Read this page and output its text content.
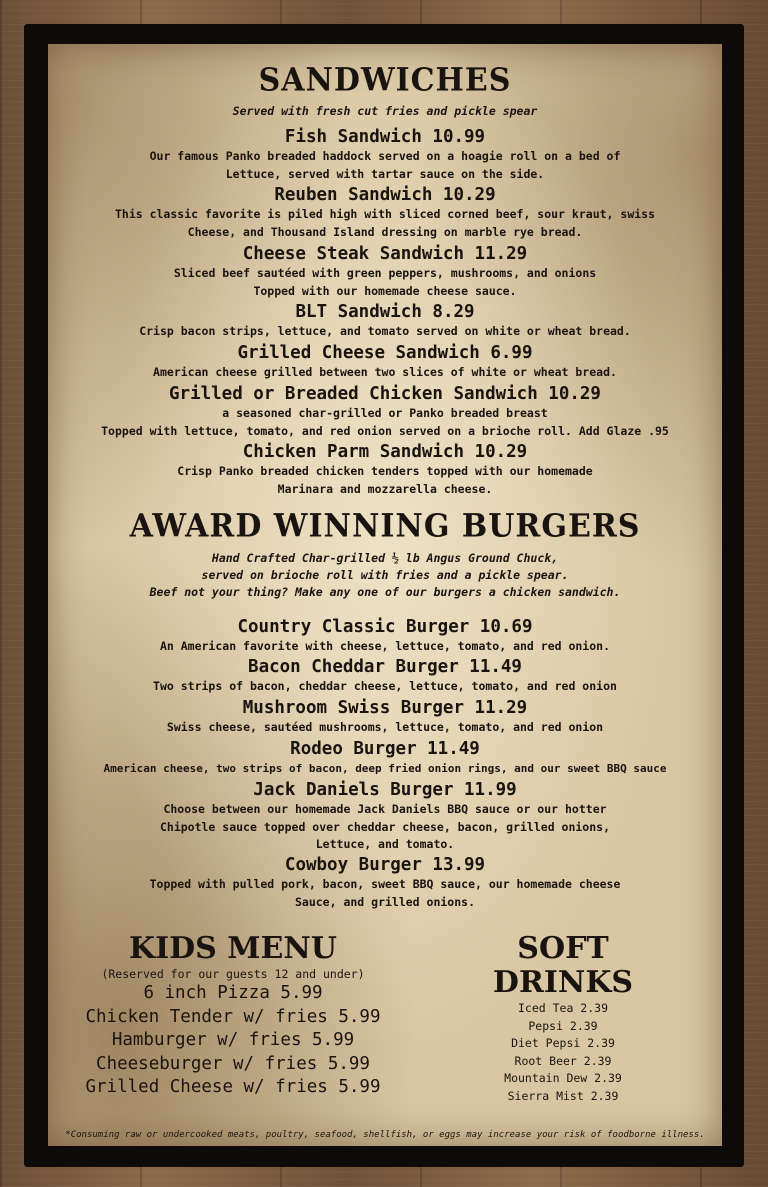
SANDWICHES

Served with fresh cut fries and pickle spear

Fish Sandwich 10.99

Our famous Panko breaded haddock served on a hoagie roll on a bed of

Lettuce, served with tartar sauce on the side.

Reuben Sandwich 10.29

This classic favorite is piled high with sliced corned beef, sour kraut, swiss

Cheese, and Thousand Island dressing on marble rye bread.

Cheese Steak Sandwich 11.29

Sliced beef sautéed with green peppers, mushrooms, and onions

Topped with our homemade cheese sauce.

BLT Sandwich 8.29

Crisp bacon strips, lettuce, and tomato served on white or wheat bread.

Grilled Cheese Sandwich 6.99

American cheese grilled between two slices of white or wheat bread.

Grilled or Breaded Chicken Sandwich 10.29

a seasoned char-grilled or Panko breaded breast

Topped with lettuce, tomato, and red onion served on a brioche roll. Add Glaze .95

Chicken Parm Sandwich 10.29

Crisp Panko breaded chicken tenders topped with our homemade

Marinara and mozzarella cheese.

AWARD WINNING BURGERS

Hand Crafted Char-grilled ½ lb Angus Ground Chuck,

served on brioche roll with fries and a pickle spear.

Beef not your thing? Make any one of our burgers a chicken sandwich.

Country Classic Burger 10.69

An American favorite with cheese, lettuce, tomato, and red onion.

Bacon Cheddar Burger 11.49

Two strips of bacon, cheddar cheese, lettuce, tomato, and red onion

Mushroom Swiss Burger 11.29

Swiss cheese, sautéed mushrooms, lettuce, tomato, and red onion

Rodeo Burger 11.49

American cheese, two strips of bacon, deep fried onion rings, and our sweet BBQ sauce

Jack Daniels Burger 11.99

Choose between our homemade Jack Daniels BBQ sauce or our hotter

Chipotle sauce topped over cheddar cheese, bacon, grilled onions,

Lettuce, and tomato.

Cowboy Burger 13.99

Topped with pulled pork, bacon, sweet BBQ sauce, our homemade cheese

Sauce, and grilled onions.

KIDS MENU

(Reserved for our guests 12 and under)

6 inch Pizza 5.99

Chicken Tender w/ fries 5.99

Hamburger w/ fries 5.99

Cheeseburger w/ fries 5.99

Grilled Cheese w/ fries 5.99

SOFT DRINKS

Iced Tea 2.39

Pepsi 2.39

Diet Pepsi 2.39

Root Beer 2.39

Mountain Dew 2.39

Sierra Mist 2.39

*Consuming raw or undercooked meats, poultry, seafood, shellfish, or eggs may increase your risk of foodborne illness.
